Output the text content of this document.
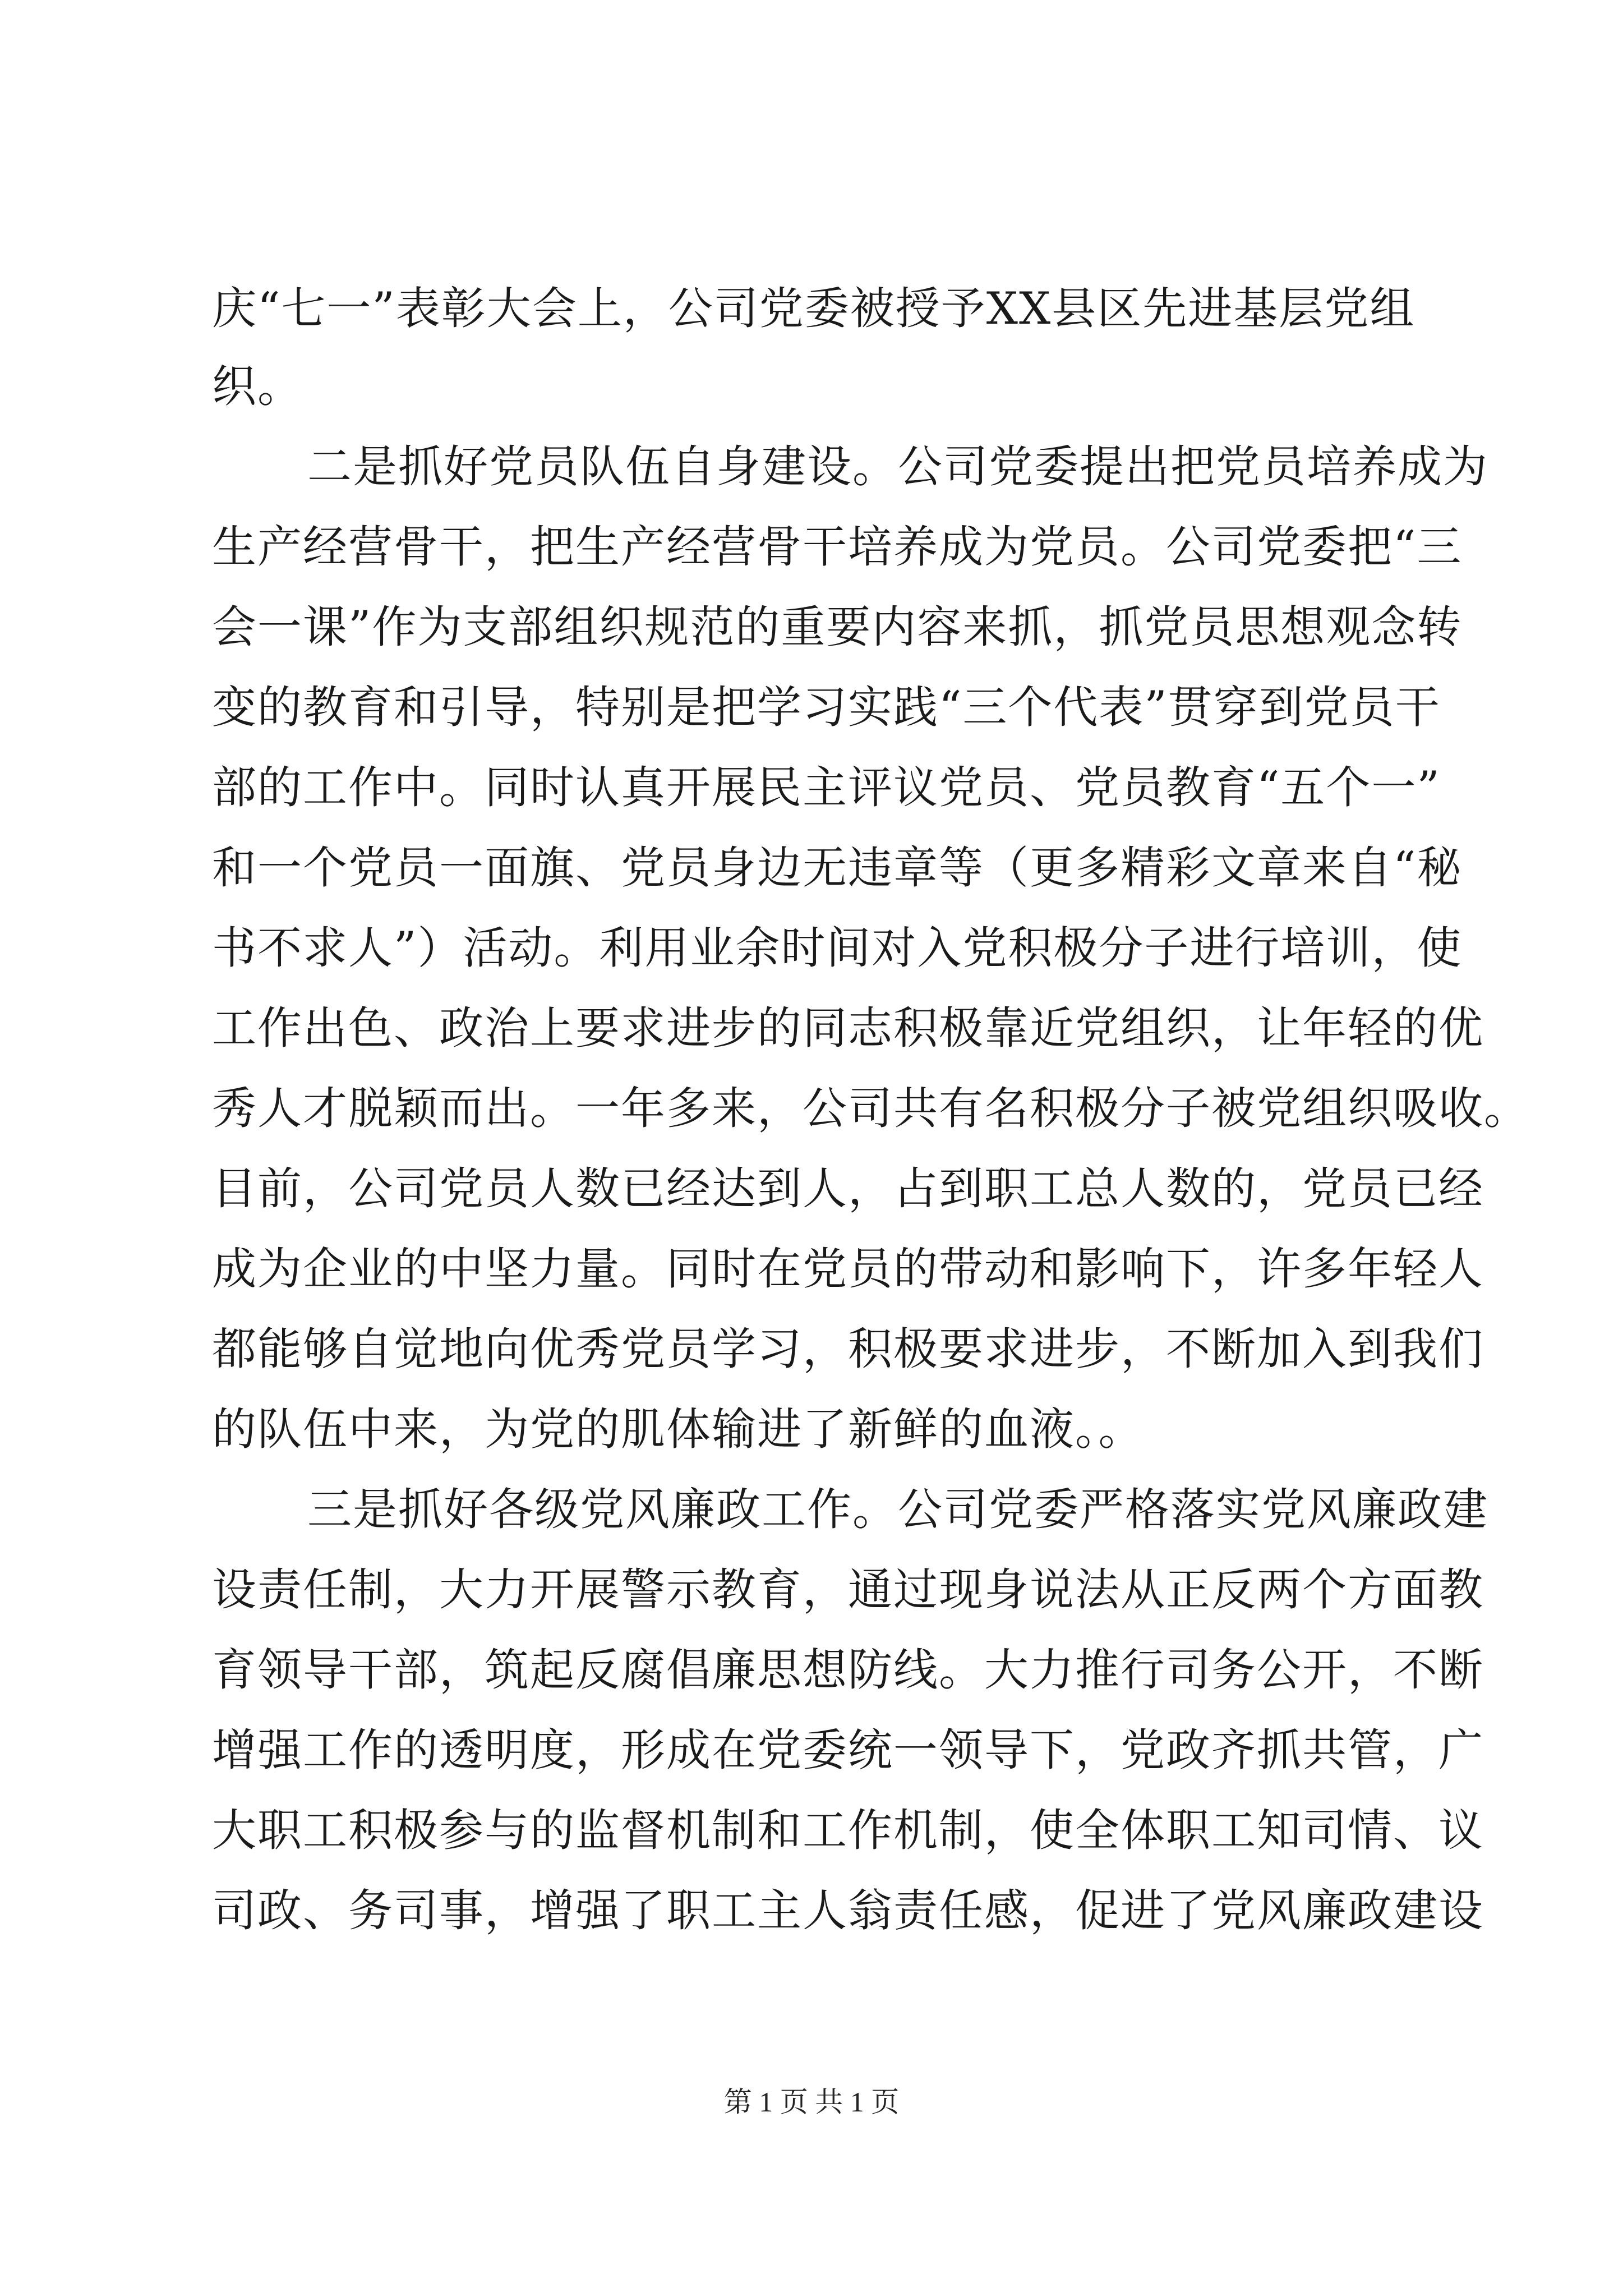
庆“七一”表彰大会上，公司党委被授予XX县区先进基层党组
织。
二是抓好党员队伍自身建设。公司党委提出把党员培养成为
生产经营骨干，把生产经营骨干培养成为党员。公司党委把“三
会一课”作为支部组织规范的重要内容来抓，抓党员思想观念转
变的教育和引导，特别是把学习实践“三个代表”贯穿到党员干
部的工作中。同时认真开展民主评议党员、党员教育“五个一”
和一个党员一面旗、党员身边无违章等（更多精彩文章来自“秘
书不求人”）活动。利用业余时间对入党积极分子进行培训，使
工作出色、政治上要求进步的同志积极靠近党组织，让年轻的优
秀人才脱颖而出。一年多来，公司共有名积极分子被党组织吸收。
目前，公司党员人数已经达到人，占到职工总人数的，党员已经
成为企业的中坚力量。同时在党员的带动和影响下，许多年轻人
都能够自觉地向优秀党员学习，积极要求进步，不断加入到我们
的队伍中来，为党的肌体输进了新鲜的血液。。
三是抓好各级党风廉政工作。公司党委严格落实党风廉政建
设责任制，大力开展警示教育，通过现身说法从正反两个方面教
育领导干部，筑起反腐倡廉思想防线。大力推行司务公开，不断
增强工作的透明度，形成在党委统一领导下，党政齐抓共管，广
大职工积极参与的监督机制和工作机制，使全体职工知司情、议
司政、务司事，增强了职工主人翁责任感，促进了党风廉政建设
第 1 页 共 1 页
